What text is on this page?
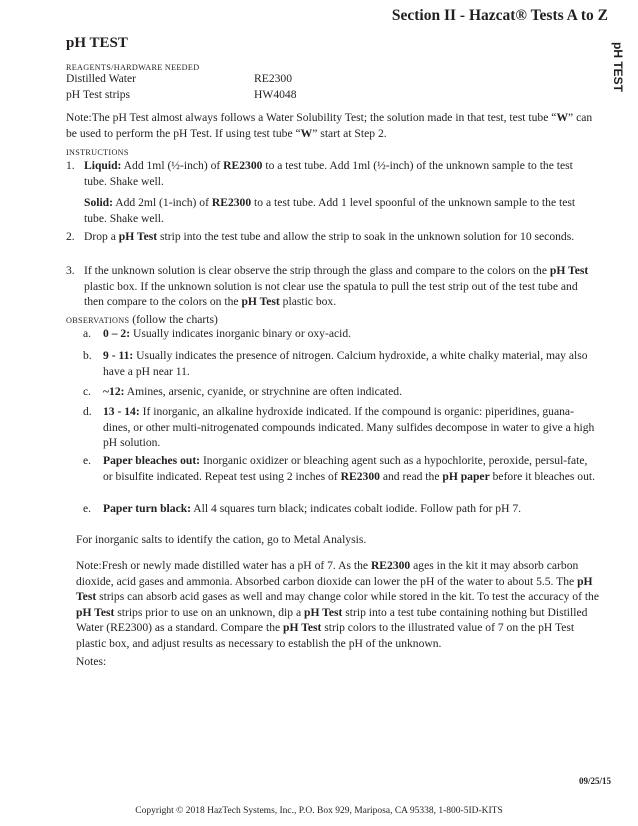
Section II - Hazcat® Tests A to Z
pH TEST
pH TEST
REAGENTS/HARDWARE NEEDED
Distilled Water	RE2300
pH Test strips	HW4048
Note:The pH Test almost always follows a Water Solubility Test; the solution made in that test, test tube “W” can be used to perform the pH Test. If using test tube “W” start at Step 2.
INSTRUCTIONS
1. Liquid: Add 1ml (½-inch) of RE2300 to a test tube. Add 1ml (½-inch) of the unknown sample to the test tube. Shake well.
Solid: Add 2ml (1-inch) of RE2300 to a test tube. Add 1 level spoonful of the unknown sample to the test tube. Shake well.
2. Drop a pH Test strip into the test tube and allow the strip to soak in the unknown solution for 10 seconds.
3. If the unknown solution is clear observe the strip through the glass and compare to the colors on the pH Test plastic box. If the unknown solution is not clear use the spatula to pull the test strip out of the test tube and then compare to the colors on the pH Test plastic box.
OBSERVATIONS (follow the charts)
a. 0 – 2: Usually indicates inorganic binary or oxy-acid.
b. 9 - 11: Usually indicates the presence of nitrogen. Calcium hydroxide, a white chalky material, may also have a pH near 11.
c. ~12: Amines, arsenic, cyanide, or strychnine are often indicated.
d. 13 - 14: If inorganic, an alkaline hydroxide indicated. If the compound is organic: piperidines, guana-dines, or other multi-nitrogenated compounds indicated. Many sulfides decompose in water to give a high pH solution.
e. Paper bleaches out: Inorganic oxidizer or bleaching agent such as a hypochlorite, peroxide, persul-fate, or bisulfite indicated. Repeat test using 2 inches of RE2300 and read the pH paper before it bleaches out.
e. Paper turn black: All 4 squares turn black; indicates cobalt iodide. Follow path for pH 7.
For inorganic salts to identify the cation, go to Metal Analysis.
Note:Fresh or newly made distilled water has a pH of 7. As the RE2300 ages in the kit it may absorb carbon dioxide, acid gases and ammonia. Absorbed carbon dioxide can lower the pH of the water to about 5.5. The pH Test strips can absorb acid gases as well and may change color while stored in the kit. To test the accuracy of the pH Test strips prior to use on an unknown, dip a pH Test strip into a test tube containing nothing but Distilled Water (RE2300) as a standard. Compare the pH Test strip colors to the illustrated value of 7 on the pH Test plastic box, and adjust results as necessary to establish the pH of the unknown.
Notes:
09/25/15
Copyright © 2018 HazTech Systems, Inc., P.O. Box 929, Mariposa, CA 95338, 1-800-5ID-KITS
